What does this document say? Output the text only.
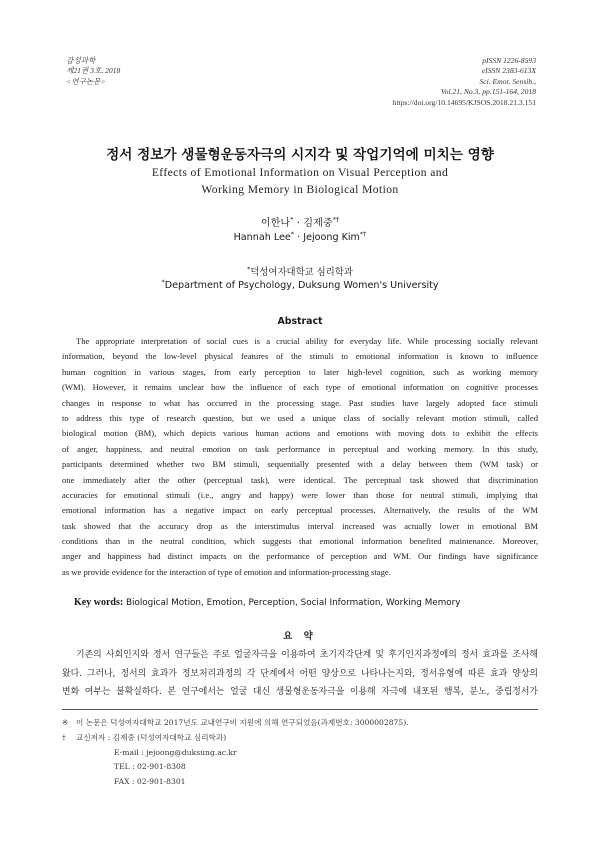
감성과학
제21권 3호, 2018
<연구논문>
pISSN 1226-8593
eISSN 2383-613X
Sci. Emot. Sensib.,
Vol.21, No.3, pp.151-164, 2018
https://doi.org/10.14695/KJSOS.2018.21.3.151
정서 정보가 생물형운동자극의 시지각 및 작업기억에 미치는 영향
Effects of Emotional Information on Visual Perception and
Working Memory in Biological Motion
이한나* · 김제중*†
Hannah Lee* · Jejoong Kim*†
*덕성여자대학교 심리학과
*Department of Psychology, Duksung Women's University
Abstract
The appropriate interpretation of social cues is a crucial ability for everyday life. While processing socially relevant
information, beyond the low-level physical features of the stimuli to emotional information is known to influence
human cognition in various stages, from early perception to later high-level cognition, such as working memory
(WM). However, it remains unclear how the influence of each type of emotional information on cognitive processes
changes in response to what has occurred in the processing stage. Past studies have largely adopted face stimuli
to address this type of research question, but we used a unique class of socially relevant motion stimuli, called
biological motion (BM), which depicts various human actions and emotions with moving dots to exhibit the effects
of anger, happiness, and neutral emotion on task performance in perceptual and working memory. In this study,
participants determined whether two BM stimuli, sequentially presented with a delay between them (WM task) or
one immediately after the other (perceptual task), were identical. The perceptual task showed that discrimination
accuracies for emotional stimuli (i.e., angry and happy) were lower than those for neutral stimuli, implying that
emotional information has a negative impact on early perceptual processes. Alternatively, the results of the WM
task showed that the accuracy drop as the interstimulus interval increased was actually lower in emotional BM
conditions than in the neutral condition, which suggests that emotional information benefited maintenance. Moreover,
anger and happiness had distinct impacts on the performance of perception and WM. Our findings have significance
as we provide evidence for the interaction of type of emotion and information-processing stage.
Key words: Biological Motion, Emotion, Perception, Social Information, Working Memory
요 약
기존의 사회인지와 정서 연구들은 주로 얼굴자극을 이용하여 초기지각단계 및 후기인지과정에의 정서 효과를 조사해
왔다. 그러나, 정서의 효과가 정보처리과정의 각 단계에서 어떤 양상으로 나타나는지와, 정서유형에 따른 효과 양상의
변화 여부는 불확실하다. 본 연구에서는 얼굴 대신 생물형운동자극을 이용해 자극에 내포된 행복, 분노, 중립정서가
※ 이 논문은 덕성여자대학교 2017년도 교내연구비 지원에 의해 연구되었음(과제번호: 3000002875).
† 교신저자 : 김제중 (덕성여자대학교 심리학과)
E-mail : jejoong@duksung.ac.kr
TEL : 02-901-8308
FAX : 02-901-8301
